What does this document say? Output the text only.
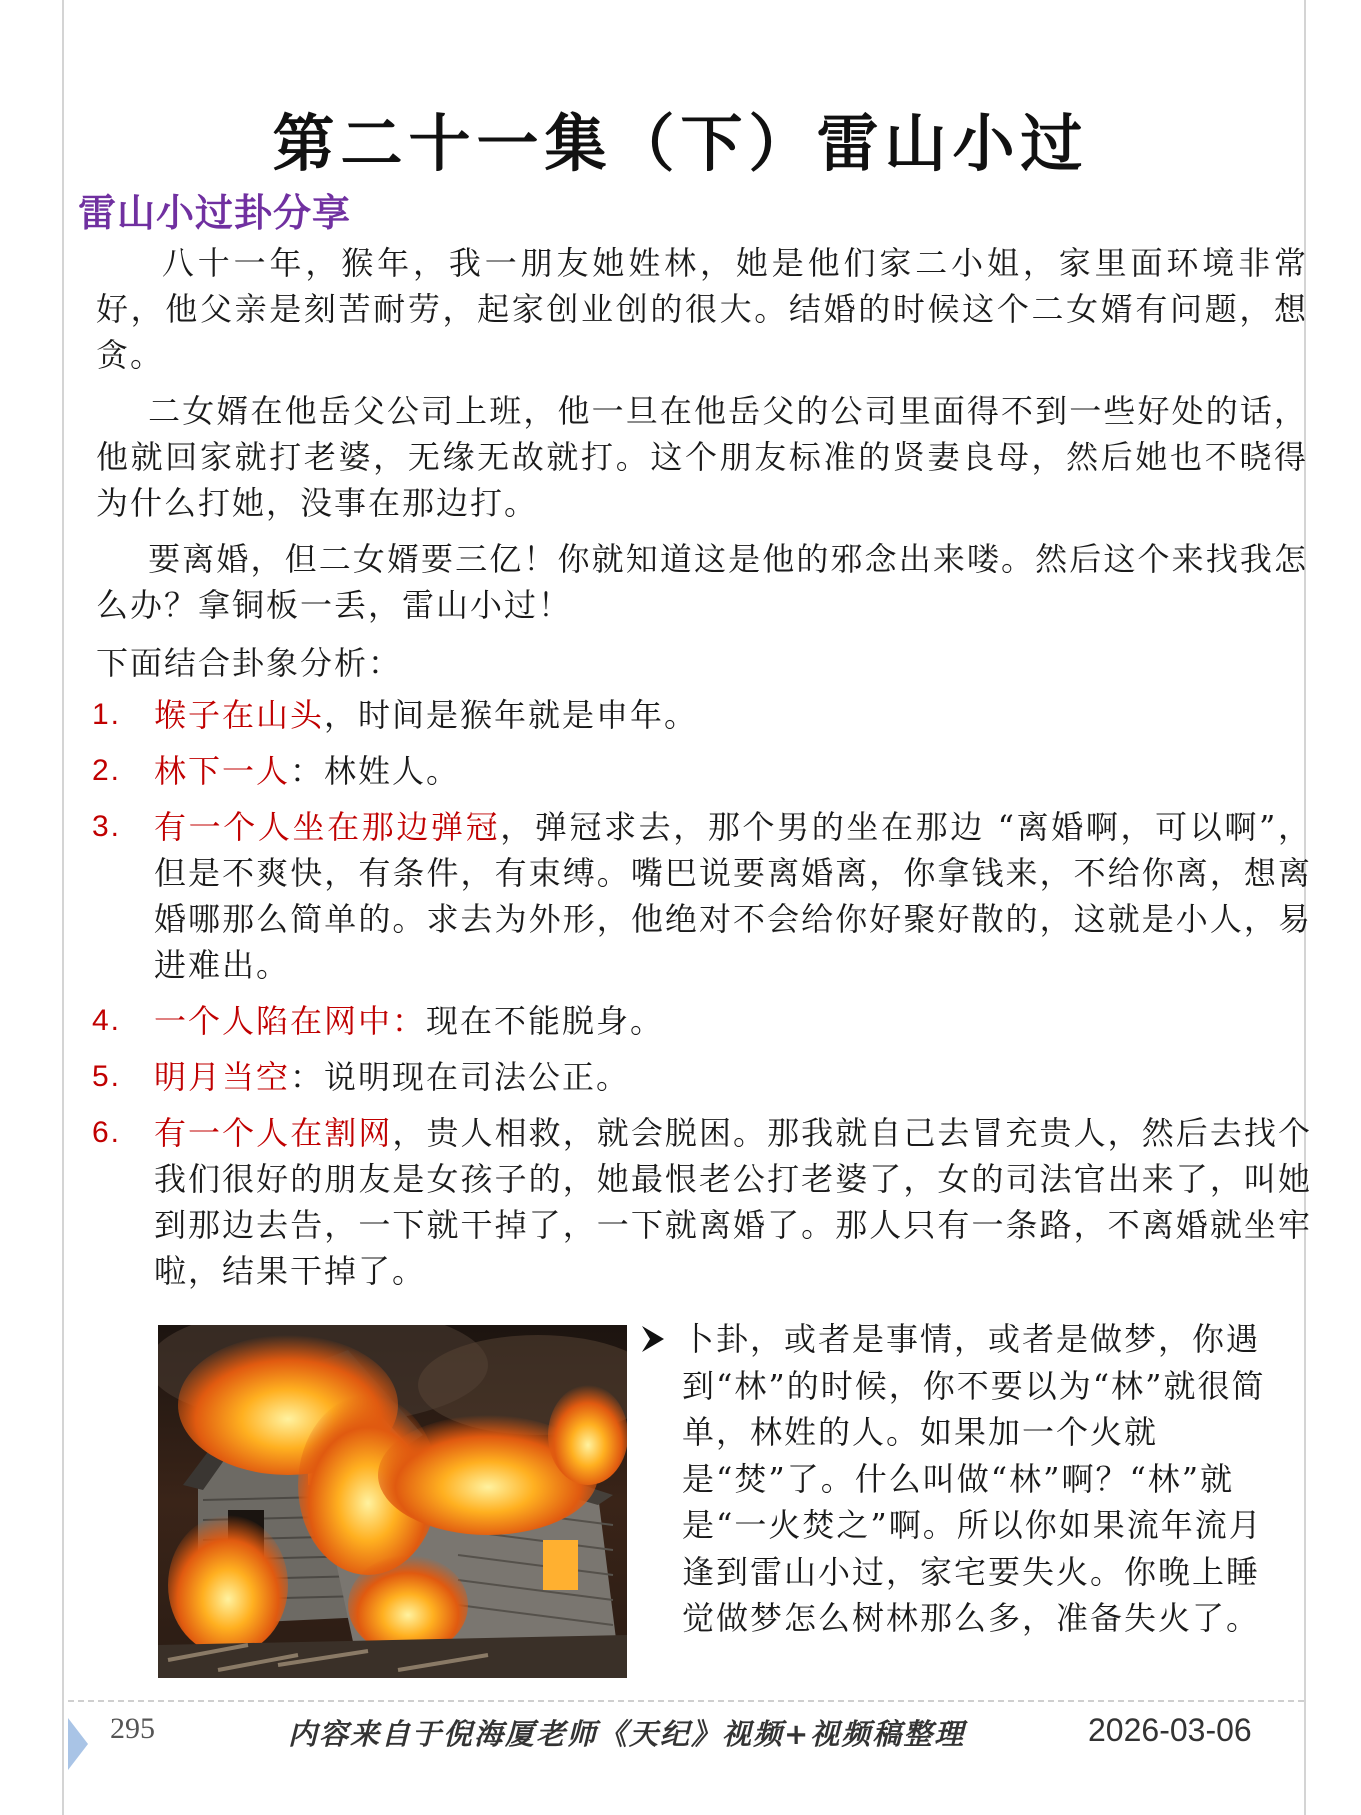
第二十一集（下）雷山小过
雷山小过卦分享

八十一年，猴年，我一朋友她姓林，她是他们家二小姐，家里面环境非常好，他父亲是刻苦耐劳，起家创业创的很大。结婚的时候这个二女婿有问题，想贪。

二女婿在他岳父公司上班，他一旦在他岳父的公司里面得不到一些好处的话，他就回家就打老婆，无缘无故就打。这个朋友标准的贤妻良母，然后她也不晓得为什么打她，没事在那边打。

要离婚，但二女婿要三亿！你就知道这是他的邪念出来喽。然后这个来找我怎么办？拿铜板一丢，雷山小过！

下面结合卦象分析：
1. 堠子在山头，时间是猴年就是申年。
2. 林下一人：林姓人。
3. 有一个人坐在那边弹冠，弹冠求去，那个男的坐在那边 “离婚啊，可以啊”，但是不爽快，有条件，有束缚。嘴巴说要离婚离，你拿钱来，不给你离，想离婚哪那么简单的。求去为外形，他绝对不会给你好聚好散的，这就是小人，易进难出。
4. 一个人陷在网中：现在不能脱身。
5. 明月当空：说明现在司法公正。
6. 有一个人在割网，贵人相救，就会脱困。那我就自己去冒充贵人，然后去找个我们很好的朋友是女孩子的，她最恨老公打老婆了，女的司法官出来了，叫她到那边去告，一下就干掉了，一下就离婚了。那人只有一条路，不离婚就坐牢啦，结果干掉了。

卜卦，或者是事情，或者是做梦，你遇到“林”的时候，你不要以为“林”就很简单，林姓的人。如果加一个火就是“焚”了。什么叫做“林”啊？“林”就是“一火焚之”啊。所以你如果流年流月逢到雷山小过，家宅要失火。你晚上睡觉做梦怎么树林那么多，准备失火了。

295	内容来自于倪海厦老师《天纪》视频+视频稿整理	2026-03-06
